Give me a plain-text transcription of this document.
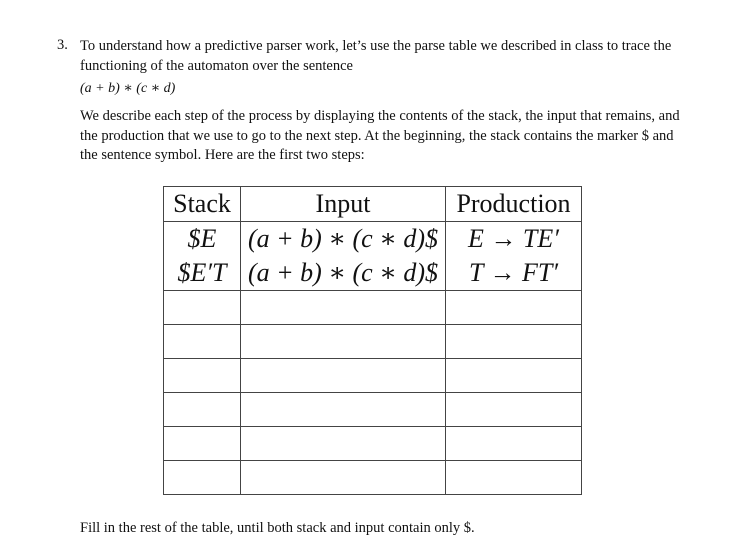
3. To understand how a predictive parser work, let’s use the parse table we described in class to trace the functioning of the automaton over the sentence

(a + b) ∗ (c ∗ d)

We describe each step of the process by displaying the contents of the stack, the input that remains, and the production that we use to go to the next step. At the beginning, the stack contains the marker $ and the sentence symbol. Here are the first two steps:

Stack	Input	Production
$E	(a + b) ∗ (c ∗ d)$	E → TE′
$E′T	(a + b) ∗ (c ∗ d)$	T → FT′

Fill in the rest of the table, until both stack and input contain only $.
